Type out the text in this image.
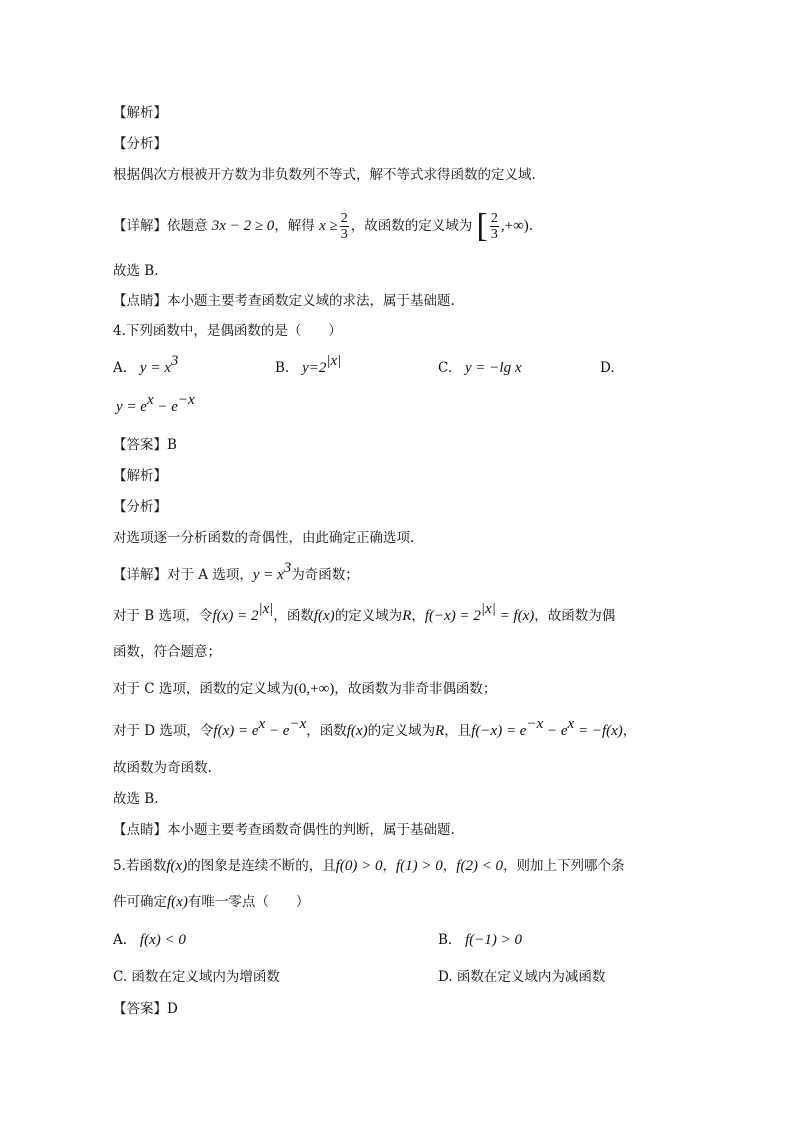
【解析】
【分析】
根据偶次方根被开方数为非负数列不等式，解不等式求得函数的定义域.
【详解】依题意 3x − 2 ≥ 0，解得 $x \ge \frac{2}{3}$ ，故函数的定义域为 [ $\frac{2}{3}$ ,+∞).
故选 B.
【点睛】本小题主要考查函数定义域的求法，属于基础题.
4.下列函数中，是偶函数的是（　　）
A. $y = x^3$	B. $y=2^{|x|}$	C. y = −lg x	D.
$y = e^x - e^{-x}$
【答案】B
【解析】
【分析】
对选项逐一分析函数的奇偶性，由此确定正确选项.
【详解】对于 A 选项，$y = x^3$为奇函数；
对于 B 选项，令$f(x) = 2^{|x|}$，函数f(x)的定义域为R，$f(-x) = 2^{|x|} = f(x)$，故函数为偶
函数，符合题意；
对于 C 选项，函数的定义域为(0,+∞)，故函数为非奇非偶函数；
对于 D 选项，令$f(x) = e^x - e^{-x}$，函数f(x)的定义域为R，且$f(-x) = e^{-x} - e^x = -f(x)$，
故函数为奇函数.
故选 B.
【点睛】本小题主要考查函数奇偶性的判断，属于基础题.
5.若函数f(x)的图象是连续不断的，且f(0) > 0，f(1) > 0，f(2) < 0，则加上下列哪个条
件可确定f(x)有唯一零点（　　）
A. f(x) < 0	B. f(−1) > 0
C. 函数在定义域内为增函数	D. 函数在定义域内为减函数
【答案】D
